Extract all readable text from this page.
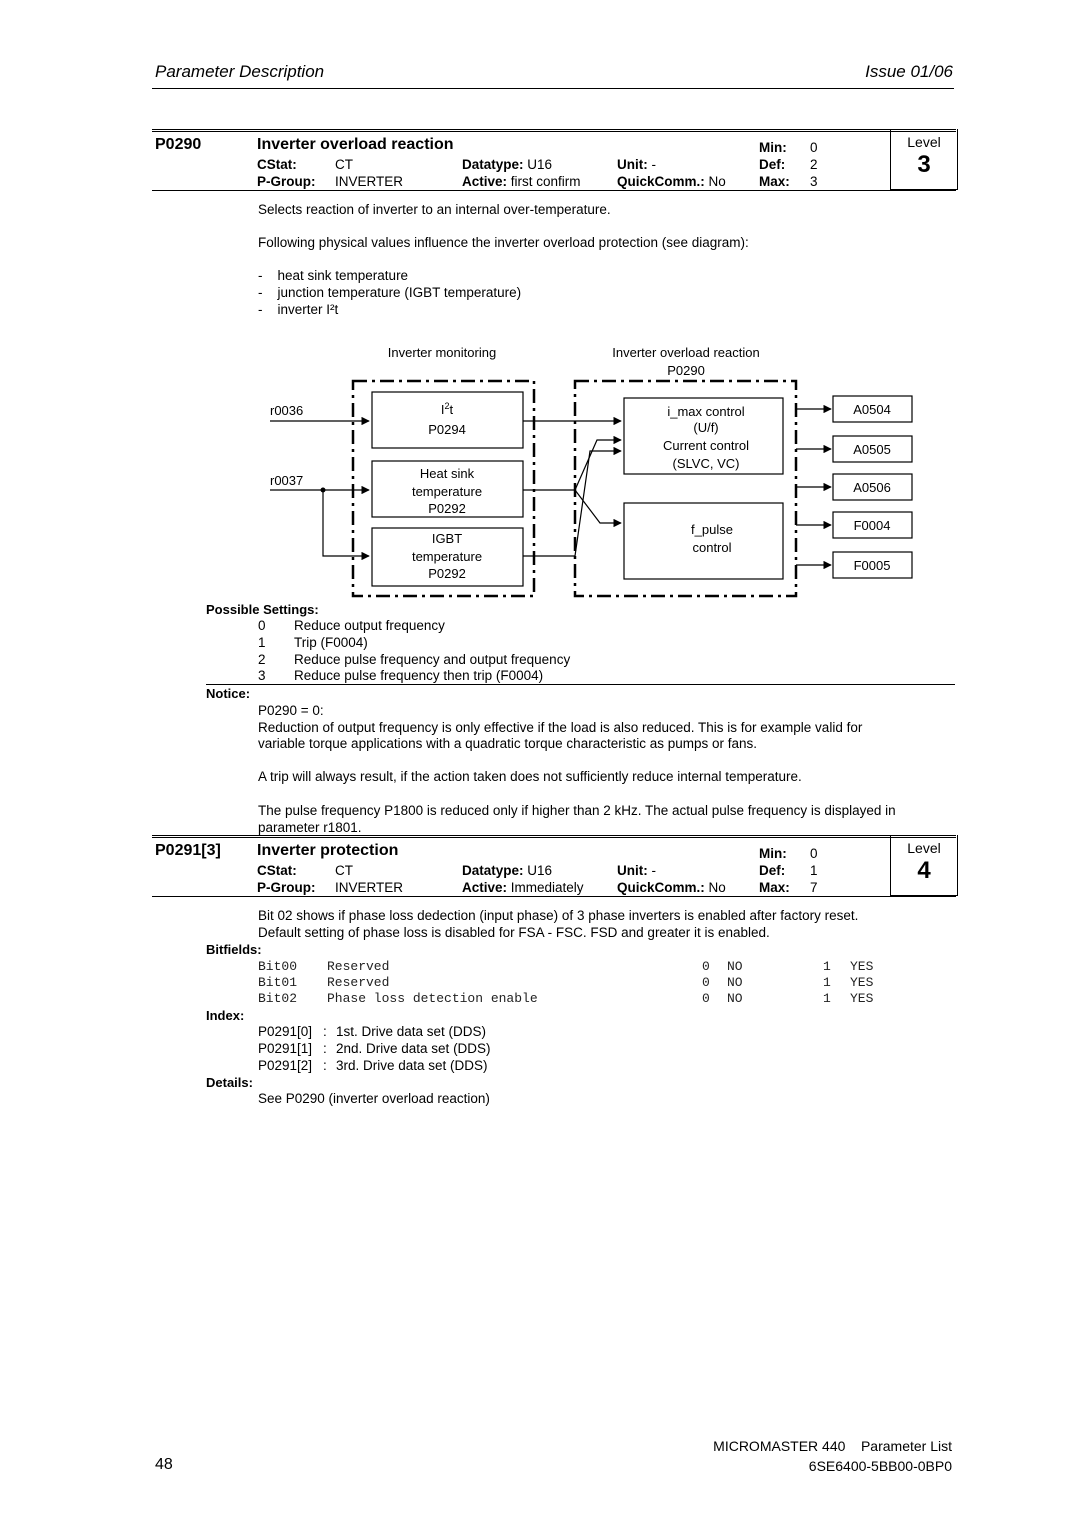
Parameter Description	Issue 01/06
P0290	Inverter overload reaction
CStat:	CT
P-Group: INVERTER
Datatype: U16
Active: first confirm
Unit: -
QuickComm.: No
Min: 0
Def: 2
Max: 3
Level
3
Selects reaction of inverter to an internal over-temperature.
Following physical values influence the inverter overload protection (see diagram):
-    heat sink temperature
-    junction temperature (IGBT temperature)
-    inverter I²t
Inverter monitoring	Inverter overload reaction
P0290
r0036
r0037
$I^2t$
P0294
Heat sink
temperature
P0292
IGBT
temperature
P0292
i_max control
(U/f)
Current control
(SLVC, VC)
f_pulse
control
A0504
A0505
A0506
F0004
F0005
Possible Settings:
0 Reduce output frequency
1 Trip (F0004)
2 Reduce pulse frequency and output frequency
3 Reduce pulse frequency then trip (F0004)
Notice:
P0290 = 0:
Reduction of output frequency is only effective if the load is also reduced. This is for example valid for
variable torque applications with a quadratic torque characteristic as pumps or fans.
A trip will always result, if the action taken does not sufficiently reduce internal temperature.
The pulse frequency P1800 is reduced only if higher than 2 kHz. The actual pulse frequency is displayed in
parameter r1801.
P0291[3] Inverter protection
CStat:	CT
P-Group: INVERTER
Datatype: U16
Active: Immediately
Unit: -
QuickComm.: No
Min: 0
Def: 1
Max: 7
Level
4
Bit 02 shows if phase loss dedection (input phase) of 3 phase inverters is enabled after factory reset.
Default setting of phase loss is disabled for FSA - FSC. FSD and greater it is enabled.
Bitfields:
Bit00 Reserved	0 NO	1 YES
Bit01 Reserved	0 NO	1 YES
Bit02 Phase loss detection enable	0 NO	1 YES
Index:
P0291[0] : 1st. Drive data set (DDS)
P0291[1] : 2nd. Drive data set (DDS)
P0291[2] : 3rd. Drive data set (DDS)
Details:
See P0290 (inverter overload reaction)
48
MICROMASTER 440    Parameter List
6SE6400-5BB00-0BP0
